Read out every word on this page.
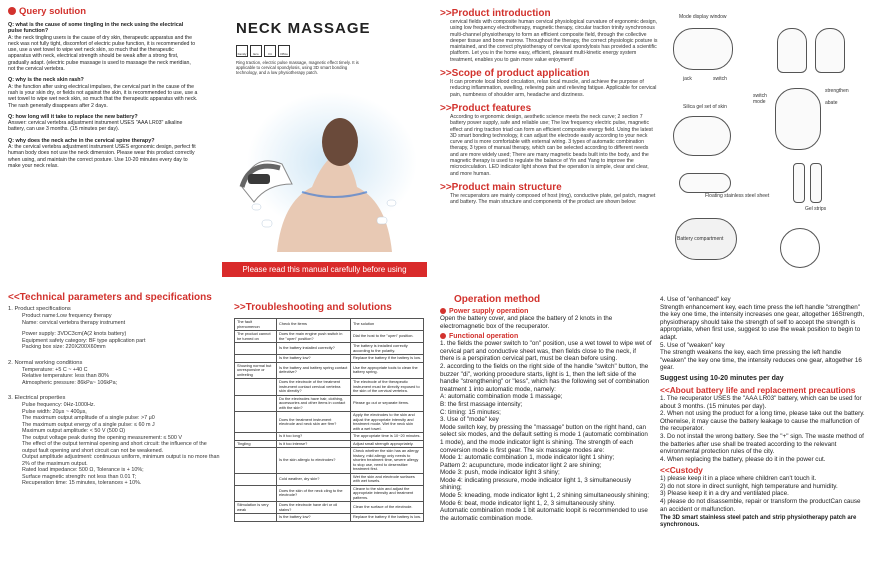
Query solution
Q: what is the cause of some tingling in the neck using the electrical pulse function?
A: the neck tingling users is the cause of dry skin, therapeutic apparatus and the neck was not fully tight, discomfort of electric pulse function, it is recommended to use, use a wet towel to wipe wet neck skin, so much that the therapeutic apparatus with neck, electrical strength should be weak after a strong first, gradually adapt. (electric pulse massage is used to massage the neck meridian, not the cervical vertebra.
Q: why is the neck skin rash?
A: the function after using electrical impulses, the cervical part in the cause of the rash is your skin dry, or fields not against the skin, it is recommended to use, use a wet towel to wipe wet neck skin, so much that the therapeutic apparatus with neck. The rash generally disappears after 2 days.
Q: how long will it take to replace the new battery?
Answer: cervical vertebra adjustment instrument USES "AAA LR03" alkaline battery, can use 3 months. (15 minutes per day).
Q: why does the neck ache in the cervical spine therapy?
A: the cervical vertebra adjustment instrument USES ergonomic design, perfect fit human body does not use the neck dimension. Please wear this product correctly when using, and maintain the correct posture. Use 10-20 minutes every day to make your neck relax.
NECK MASSAGE
Family	Eco	Fit	Office
Ring traction, electric pulse massage, magnetic effect timely. It is applicable to cervical spondylosis, using 3D smart bonding technology, and a low physiotherapy patch.
Please read this manual carefully before using
>>Product introduction
cervical fields with composite human cervical physiological curvature of ergonomic design, using low frequency electrotherapy, magnetic therapy, circular traction trinity synchronous multi-channel physiotherapy to form an efficient composite field, through the collective deeper tissue and bone marrow. Throughout the therapy, the correct physiologic posture is maintained, and the correct physiotherapy of cervical spondylosis has provided a scientific platform. Let you in the home easy, efficient, pleasant multi-kinetic energy system treatment, enables you to gain more value enjoyment!
>>Scope of product application
It can promote local blood circulation, relax local muscle, and achieve the purpose of reducing inflammation, swelling, relieving pain and relieving fatigue. Applicable for cervical pain, numbness of shoulder arm, headache and dizziness.
>>Product features
According to ergonomic design, aesthetic science meets the neck curve; 2 section 7 battery power supply, safe and reliable use; The low frequency electric pulse, magnetic effect and ring traction triad can form an efficient composite energy field. Using the latest 3D smart bonding technology, it can adjust the electrode easily according to your neck curve and is more comfortable with external wiring. 3 types of automatic combination therapy, 3 types of manual therapy, which can be selected according to different needs and are more widely used; There are many magnetic beads built into the body, and the magnetic therapy is used to regulate the balance of Yin and Yang to improve the microcirculation. LED indicator light shows that the operation is simple, clear and clear, and more human.
>>Product main structure
The recuperators are mainly composed of host (ring), conductive plate, gel patch, magnet and battery. The main structure and components of the product are shown below:
Mode display window
jack	switch
Silica gel set of skin
switch mode
strengthen
abate
Floating stainless steel sheet
Gel strips
Battery compartment
<<Technical parameters and specifications
1. Product specifications
Product name:Low frequency therapy
Name: cervical vertebra therapy instrument
Power supply: 3VDC3cm(A(2 knots battery)
Equipment safety category: BF type application part
Packing box size: 220X200X60mm
2. Normal working conditions
Temperature: +5 C ~ +40 C
Relative temperature: less than 80%
Atmospheric pressure: 86kPa~ 106kPa;
3. Electrical properties
Pulse frequency: 0Hz-1000Hz.
Pulse width: 20μs ~ 400μs。
The maximum output amplitude of a single pulse: >7 μ0
The maximum output energy of a single pulse: ≤ 60 m J
Maximum output amplitude: < 50 V (500 Ω)
The output voltage peak during the opening measurement: ≤ 500 V
The effect of the output terminal opening and short circuit: the influence of the output fault opening and short circuit can not be weakened.
Output amplitude adjustment: continuous uniform, minimum output is no more than 2% of the maximum output.
Rated load impedance: 500 Ω, Tolerance is + 10%;
Surface magnetic strength: not less than 0.01 T;
Recuperation time: 15 minutes, tolerances + 10%.
>>Troubleshooting and solutions
The fault phenomenon	Check the items	The solution
The product cannot be turned on	Does the main engine push switch in the "open" position?	Dial the host to the "open" position.
	Is the battery installed correctly?	The battery is installed correctly according to the polarity.
	Is the battery low?	Replace the battery if the battery is low.
Showing normal but unresponsive or unfeeling	Is the battery and battery spring contact defective?	Use the appropriate tools to clean the battery spring.
	Does the electrode of the treatment instrument contact cervical vertebra skin directly?	The electrode of the therapeutic instrument must be directly exposed to the skin of the cervical vertebra.
	Do the electrodes have hair, clothing, accessories and other items in contact with the skin?	Please go out or separate items.
	Does the treatment instrument electrode and neck skin are firm?	Apply the electrodes to the skin and adjust the appropriate intensity and treatment mode. Wet the neck skin with a wet towel.
	Is it too long?	The appropriate time is 10~20 minutes.
Tingling	Is it too intense?	Adjust small strength appropriately.
	Is the skin allergic to electrodes?	Check whether the skin has an allergy history, mild allergy only needs to shorten treatment time, severe allergy to stop use, need to desensitize treatment first.
	Cold weather, dry skin?	Wet the skin and electrode surfaces with wet towels.
	Does the skin of the neck cling to the electrode?	Cleave to the skin and adjust the appropriate intensity and treatment patterns.
Stimulation is very weak	Does the electrode have dirt or oil stains?	Clean the surface of the electrode.
	Is the battery low?	Replace the battery if the battery is low.
Operation method
Power supply operation
Open the battery cover, and place the battery of 2 knots in the electromagnetic box of the recuperator.
Functional operation
1. the fields the power switch to "on" position, use a wet towel to wipe wet of cervical part and conductive sheet was, then fields close to the neck, if there is a perspiration cervical part, must be clean before using.
2. according to the fields on the right side of the handle "switch" button, the buzzer "di", working procedure starts, light is 1, then the left side of the handle "strengthening" or "less", which has the following set of combination treatment 1 into automatic mode, namely:
A: automatic combination mode 1 massage;
B: the first massage intensity;
C: timing: 15 minutes;
3. Use of "mode" key
Mode switch key, by pressing the "massage" button on the right hand, can select six modes, and the default setting is mode 1 (automatic combination 1 mode), and the mode indicator light is shining. The strength of each conversion mode is first gear. The six massage modes are:
Mode 1: automatic combination 1, mode indicator light 1 shiny;
Pattern 2: acupuncture, mode indicator light 2 are shining;
Mode 3: push, mode indicator light 3 shiny;
Mode 4: indicating pressure, mode indicator light 1, 3 simultaneously shining;
Mode 5: kneading, mode indicator light 1, 2 shining simultaneously shining;
Mode 6: beat, mode indicator light 1, 2, 3 simultaneously shiny.
Automatic combination mode 1 bit automatic loopit is recommended to use the automatic combination mode.
4. Use of "enhanced" key
Strength enhancement key, each time press the left handle "strengthen" the key one time, the intensity increases one gear, altogether 16Strength, physiotherapy should take the strength of self to accept the strength is appropriate, when first use, suggest to use the weak position to begin to adapt.
5. Use of "weaken" key
The strength weakens the key, each time pressing the left handle "weaken" the key one time, the intensity reduces one gear, altogether 16 gear.
Suggest using 10-20 minutes per day
<<About battery life and replacement precautions
1. The recuperator USES the "AAA LR03" battery, which can be used for about 3 months. (15 minutes per day).
2. When not using the product for a long time, please take out the battery. Otherwise, it may cause the battery leakage to cause the malfunction of the recuperator.
3. Do not install the wrong battery. See the "+" sign. The waste method of the batteries after use shall be treated according to the relevant environmental protection rules of the city.
4. When replacing the battery, please do it in the power cut.
<<Custody
1) please keep it in a place where children can't touch it.
2) do not store in direct sunlight, high temperature and humidity.
3) Please keep it in a dry and ventilated place.
4) please do not disassemble, repair or transform the productCan cause an accident or malfunction.
The 3D smart stainless steel patch and strip physiotherapy patch are synchronous.
